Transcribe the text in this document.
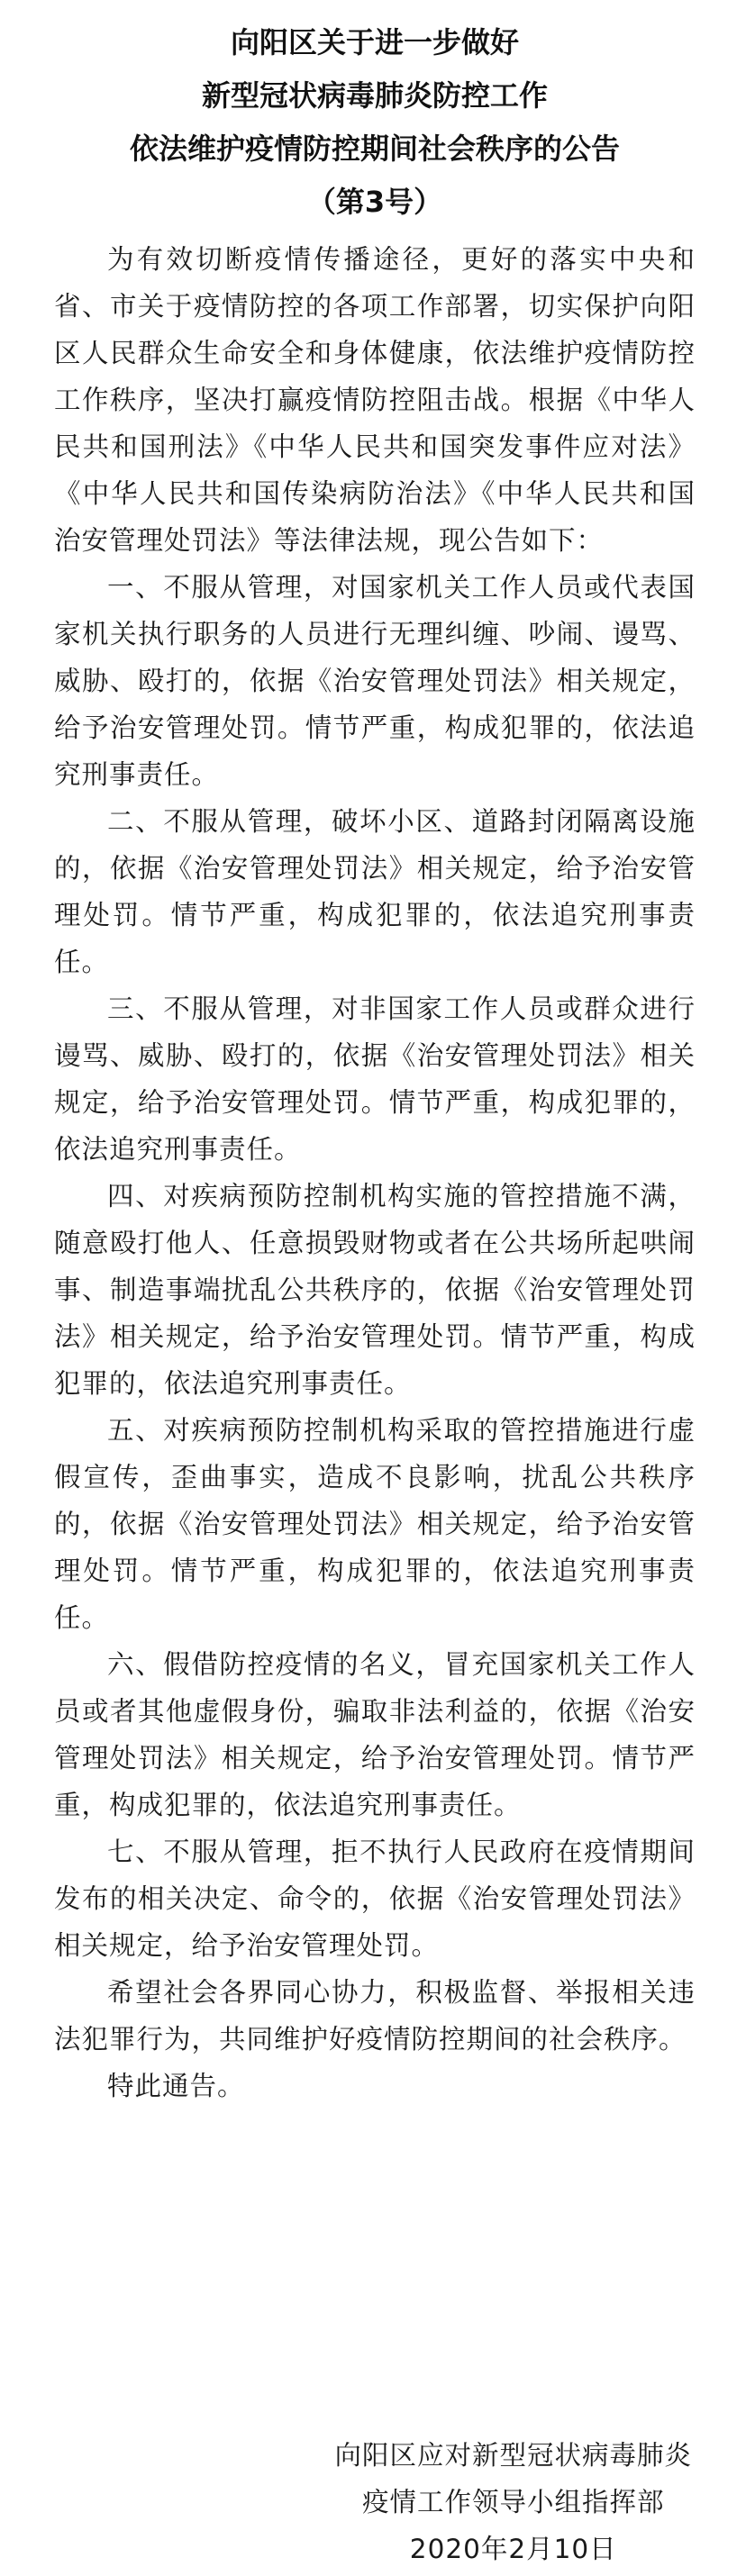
向阳区关于进一步做好
新型冠状病毒肺炎防控工作
依法维护疫情防控期间社会秩序的公告
（第3号）

为有效切断疫情传播途径，更好的落实中央和省、市关于疫情防控的各项工作部署，切实保护向阳区人民群众生命安全和身体健康，依法维护疫情防控工作秩序，坚决打赢疫情防控阻击战。根据《中华人民共和国刑法》《中华人民共和国突发事件应对法》《中华人民共和国传染病防治法》《中华人民共和国治安管理处罚法》等法律法规，现公告如下：

一、不服从管理，对国家机关工作人员或代表国家机关执行职务的人员进行无理纠缠、吵闹、谩骂、威胁、殴打的，依据《治安管理处罚法》相关规定，给予治安管理处罚。情节严重，构成犯罪的，依法追究刑事责任。

二、不服从管理，破坏小区、道路封闭隔离设施的，依据《治安管理处罚法》相关规定，给予治安管理处罚。情节严重，构成犯罪的，依法追究刑事责任。

三、不服从管理，对非国家工作人员或群众进行谩骂、威胁、殴打的，依据《治安管理处罚法》相关规定，给予治安管理处罚。情节严重，构成犯罪的，依法追究刑事责任。

四、对疾病预防控制机构实施的管控措施不满，随意殴打他人、任意损毁财物或者在公共场所起哄闹事、制造事端扰乱公共秩序的，依据《治安管理处罚法》相关规定，给予治安管理处罚。情节严重，构成犯罪的，依法追究刑事责任。

五、对疾病预防控制机构采取的管控措施进行虚假宣传，歪曲事实，造成不良影响，扰乱公共秩序的，依据《治安管理处罚法》相关规定，给予治安管理处罚。情节严重，构成犯罪的，依法追究刑事责任。

六、假借防控疫情的名义，冒充国家机关工作人员或者其他虚假身份，骗取非法利益的，依据《治安管理处罚法》相关规定，给予治安管理处罚。情节严重，构成犯罪的，依法追究刑事责任。

七、不服从管理，拒不执行人民政府在疫情期间发布的相关决定、命令的，依据《治安管理处罚法》相关规定，给予治安管理处罚。

希望社会各界同心协力，积极监督、举报相关违法犯罪行为，共同维护好疫情防控期间的社会秩序。

特此通告。

向阳区应对新型冠状病毒肺炎
疫情工作领导小组指挥部
2020年2月10日
